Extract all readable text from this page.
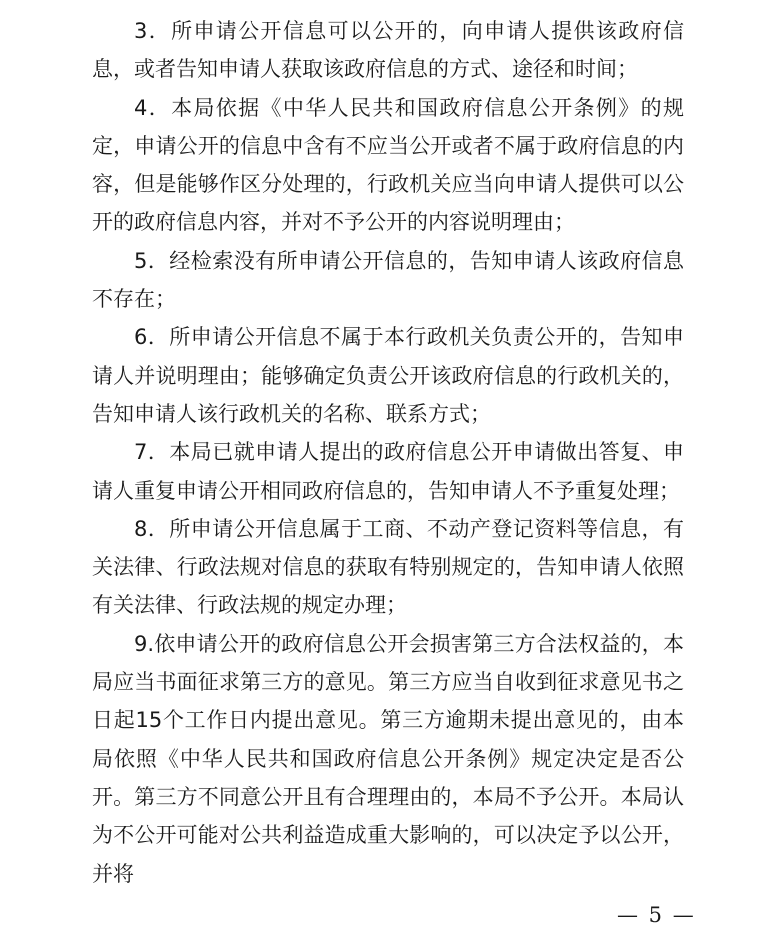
3．所申请公开信息可以公开的，向申请人提供该政府信息，或者告知申请人获取该政府信息的方式、途径和时间；

4．本局依据《中华人民共和国政府信息公开条例》的规定，申请公开的信息中含有不应当公开或者不属于政府信息的内容，但是能够作区分处理的，行政机关应当向申请人提供可以公开的政府信息内容，并对不予公开的内容说明理由；

5．经检索没有所申请公开信息的，告知申请人该政府信息不存在；

6．所申请公开信息不属于本行政机关负责公开的，告知申请人并说明理由；能够确定负责公开该政府信息的行政机关的，告知申请人该行政机关的名称、联系方式；

7．本局已就申请人提出的政府信息公开申请做出答复、申请人重复申请公开相同政府信息的，告知申请人不予重复处理；

8．所申请公开信息属于工商、不动产登记资料等信息，有关法律、行政法规对信息的获取有特别规定的，告知申请人依照有关法律、行政法规的规定办理；

9.依申请公开的政府信息公开会损害第三方合法权益的，本局应当书面征求第三方的意见。第三方应当自收到征求意见书之日起15个工作日内提出意见。第三方逾期未提出意见的，由本局依照《中华人民共和国政府信息公开条例》规定决定是否公开。第三方不同意公开且有合理理由的，本局不予公开。本局认为不公开可能对公共利益造成重大影响的，可以决定予以公开，并将

— 5 —
